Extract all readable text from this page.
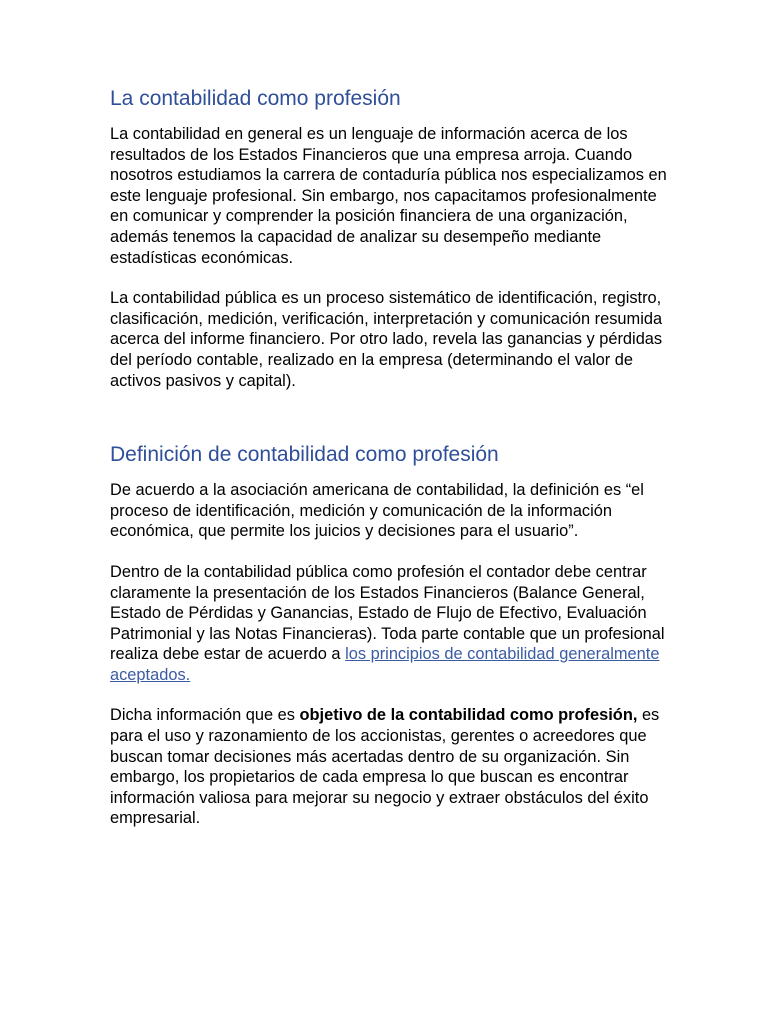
La contabilidad como profesión

La contabilidad en general es un lenguaje de información acerca de los resultados de los Estados Financieros que una empresa arroja. Cuando nosotros estudiamos la carrera de contaduría pública nos especializamos en este lenguaje profesional. Sin embargo, nos capacitamos profesionalmente en comunicar y comprender la posición financiera de una organización, además tenemos la capacidad de analizar su desempeño mediante estadísticas económicas.

La contabilidad pública es un proceso sistemático de identificación, registro, clasificación, medición, verificación, interpretación y comunicación resumida acerca del informe financiero. Por otro lado, revela las ganancias y pérdidas del período contable, realizado en la empresa (determinando el valor de activos pasivos y capital).

Definición de contabilidad como profesión

De acuerdo a la asociación americana de contabilidad, la definición es “el proceso de identificación, medición y comunicación de la información económica, que permite los juicios y decisiones para el usuario”.

Dentro de la contabilidad pública como profesión el contador debe centrar claramente la presentación de los Estados Financieros (Balance General, Estado de Pérdidas y Ganancias, Estado de Flujo de Efectivo, Evaluación Patrimonial y las Notas Financieras). Toda parte contable que un profesional realiza debe estar de acuerdo a los principios de contabilidad generalmente aceptados.

Dicha información que es objetivo de la contabilidad como profesión, es para el uso y razonamiento de los accionistas, gerentes o acreedores que buscan tomar decisiones más acertadas dentro de su organización. Sin embargo, los propietarios de cada empresa lo que buscan es encontrar información valiosa para mejorar su negocio y extraer obstáculos del éxito empresarial.
